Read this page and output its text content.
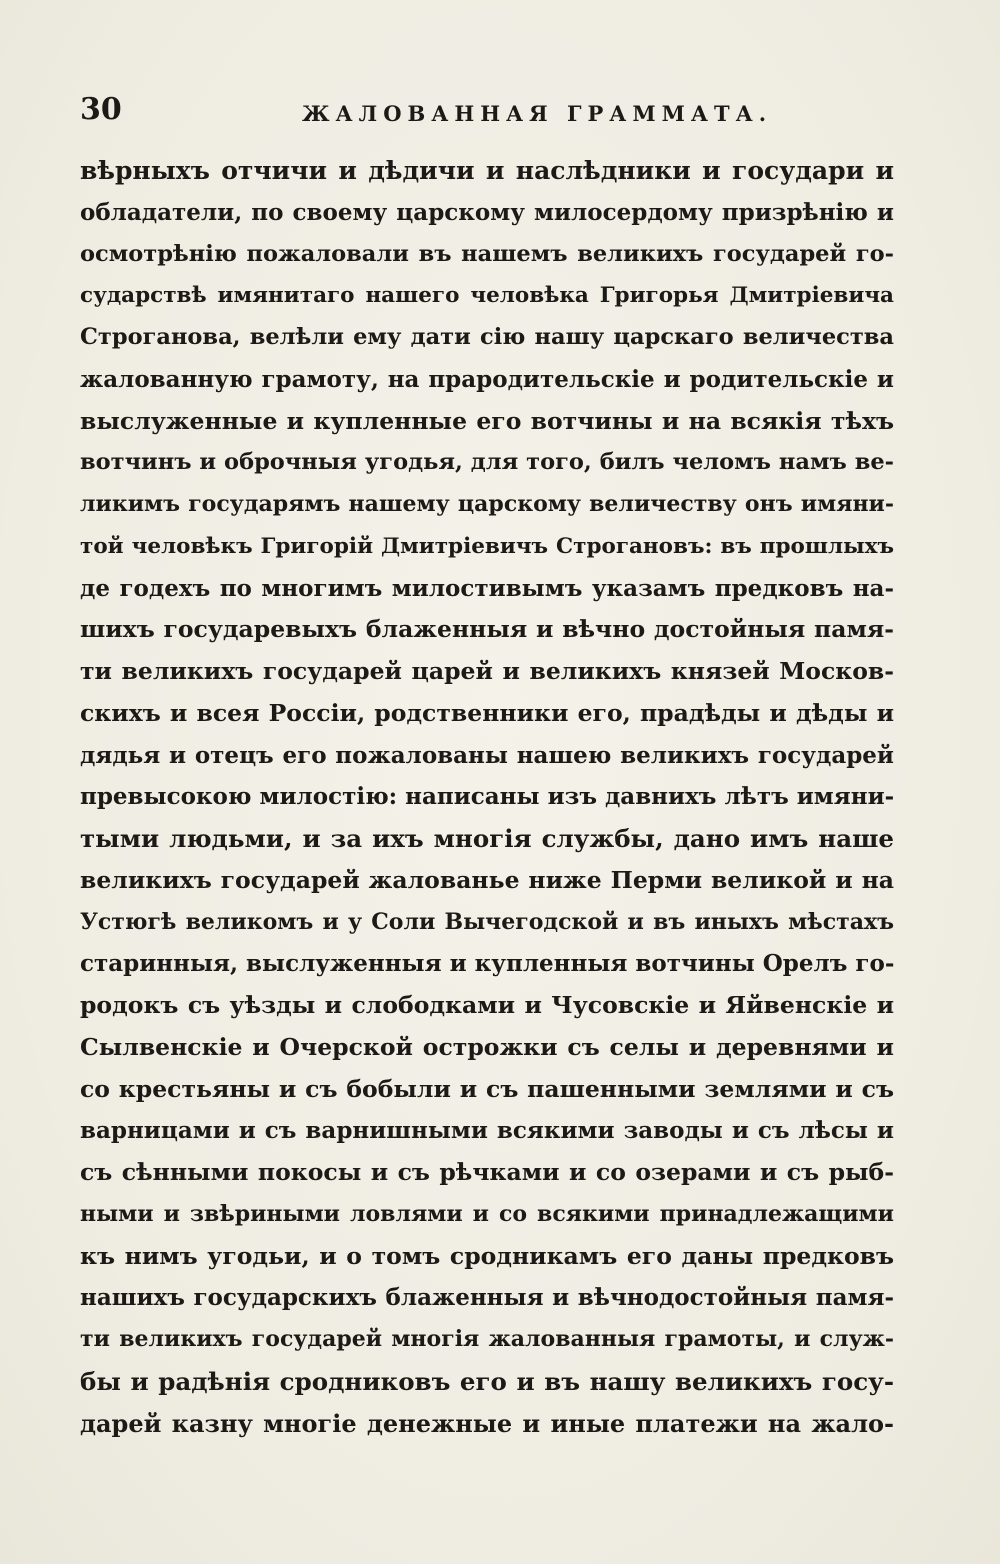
30	ЖАЛОВАННАЯ ГРАММАТА.
вѣрныхъ отчичи и дѣдичи и наслѣдники и государи и
обладатели, по своему царскому милосердому призрѣнію и
осмотрѣнію пожаловали въ нашемъ великихъ государей го-
сударствѣ имянитаго нашего человѣка Григорья Дмитріевича
Строганова, велѣли ему дати сію нашу царскаго величества
жалованную грамоту, на прародительскіе и родительскіе и
выслуженные и купленные его вотчины и на всякія тѣхъ
вотчинъ и оброчныя угодья, для того, билъ челомъ намъ ве-
ликимъ государямъ нашему царскому величеству онъ имяни-
той человѣкъ Григорій Дмитріевичъ Строгановъ: въ прошлыхъ
де годехъ по многимъ милостивымъ указамъ предковъ на-
шихъ государевыхъ блаженныя и вѣчно достойныя памя-
ти великихъ государей царей и великихъ князей Москов-
скихъ и всея Россіи, родственники его, прадѣды и дѣды и
дядья и отецъ его пожалованы нашею великихъ государей
превысокою милостію: написаны изъ давнихъ лѣтъ имяни-
тыми людьми, и за ихъ многія службы, дано имъ наше
великихъ государей жалованье ниже Перми великой и на
Устюгѣ великомъ и у Соли Вычегодской и въ иныхъ мѣстахъ
старинныя, выслуженныя и купленныя вотчины Орелъ го-
родокъ съ уѣзды и слободками и Чусовскіе и Яйвенскіе и
Сылвенскіе и Очерской острожки съ селы и деревнями и
со крестьяны и съ бобыли и съ пашенными землями и съ
варницами и съ варнишными всякими заводы и съ лѣсы и
съ сѣнными покосы и съ рѣчками и со озерами и съ рыб-
ными и звѣриными ловлями и со всякими принадлежащими
къ нимъ угодьи, и о томъ сродникамъ его даны предковъ
нашихъ государскихъ блаженныя и вѣчнодостойныя памя-
ти великихъ государей многія жалованныя грамоты, и служ-
бы и радѣнія сродниковъ его и въ нашу великихъ госу-
дарей казну многіе денежные и иные платежи на жало-
